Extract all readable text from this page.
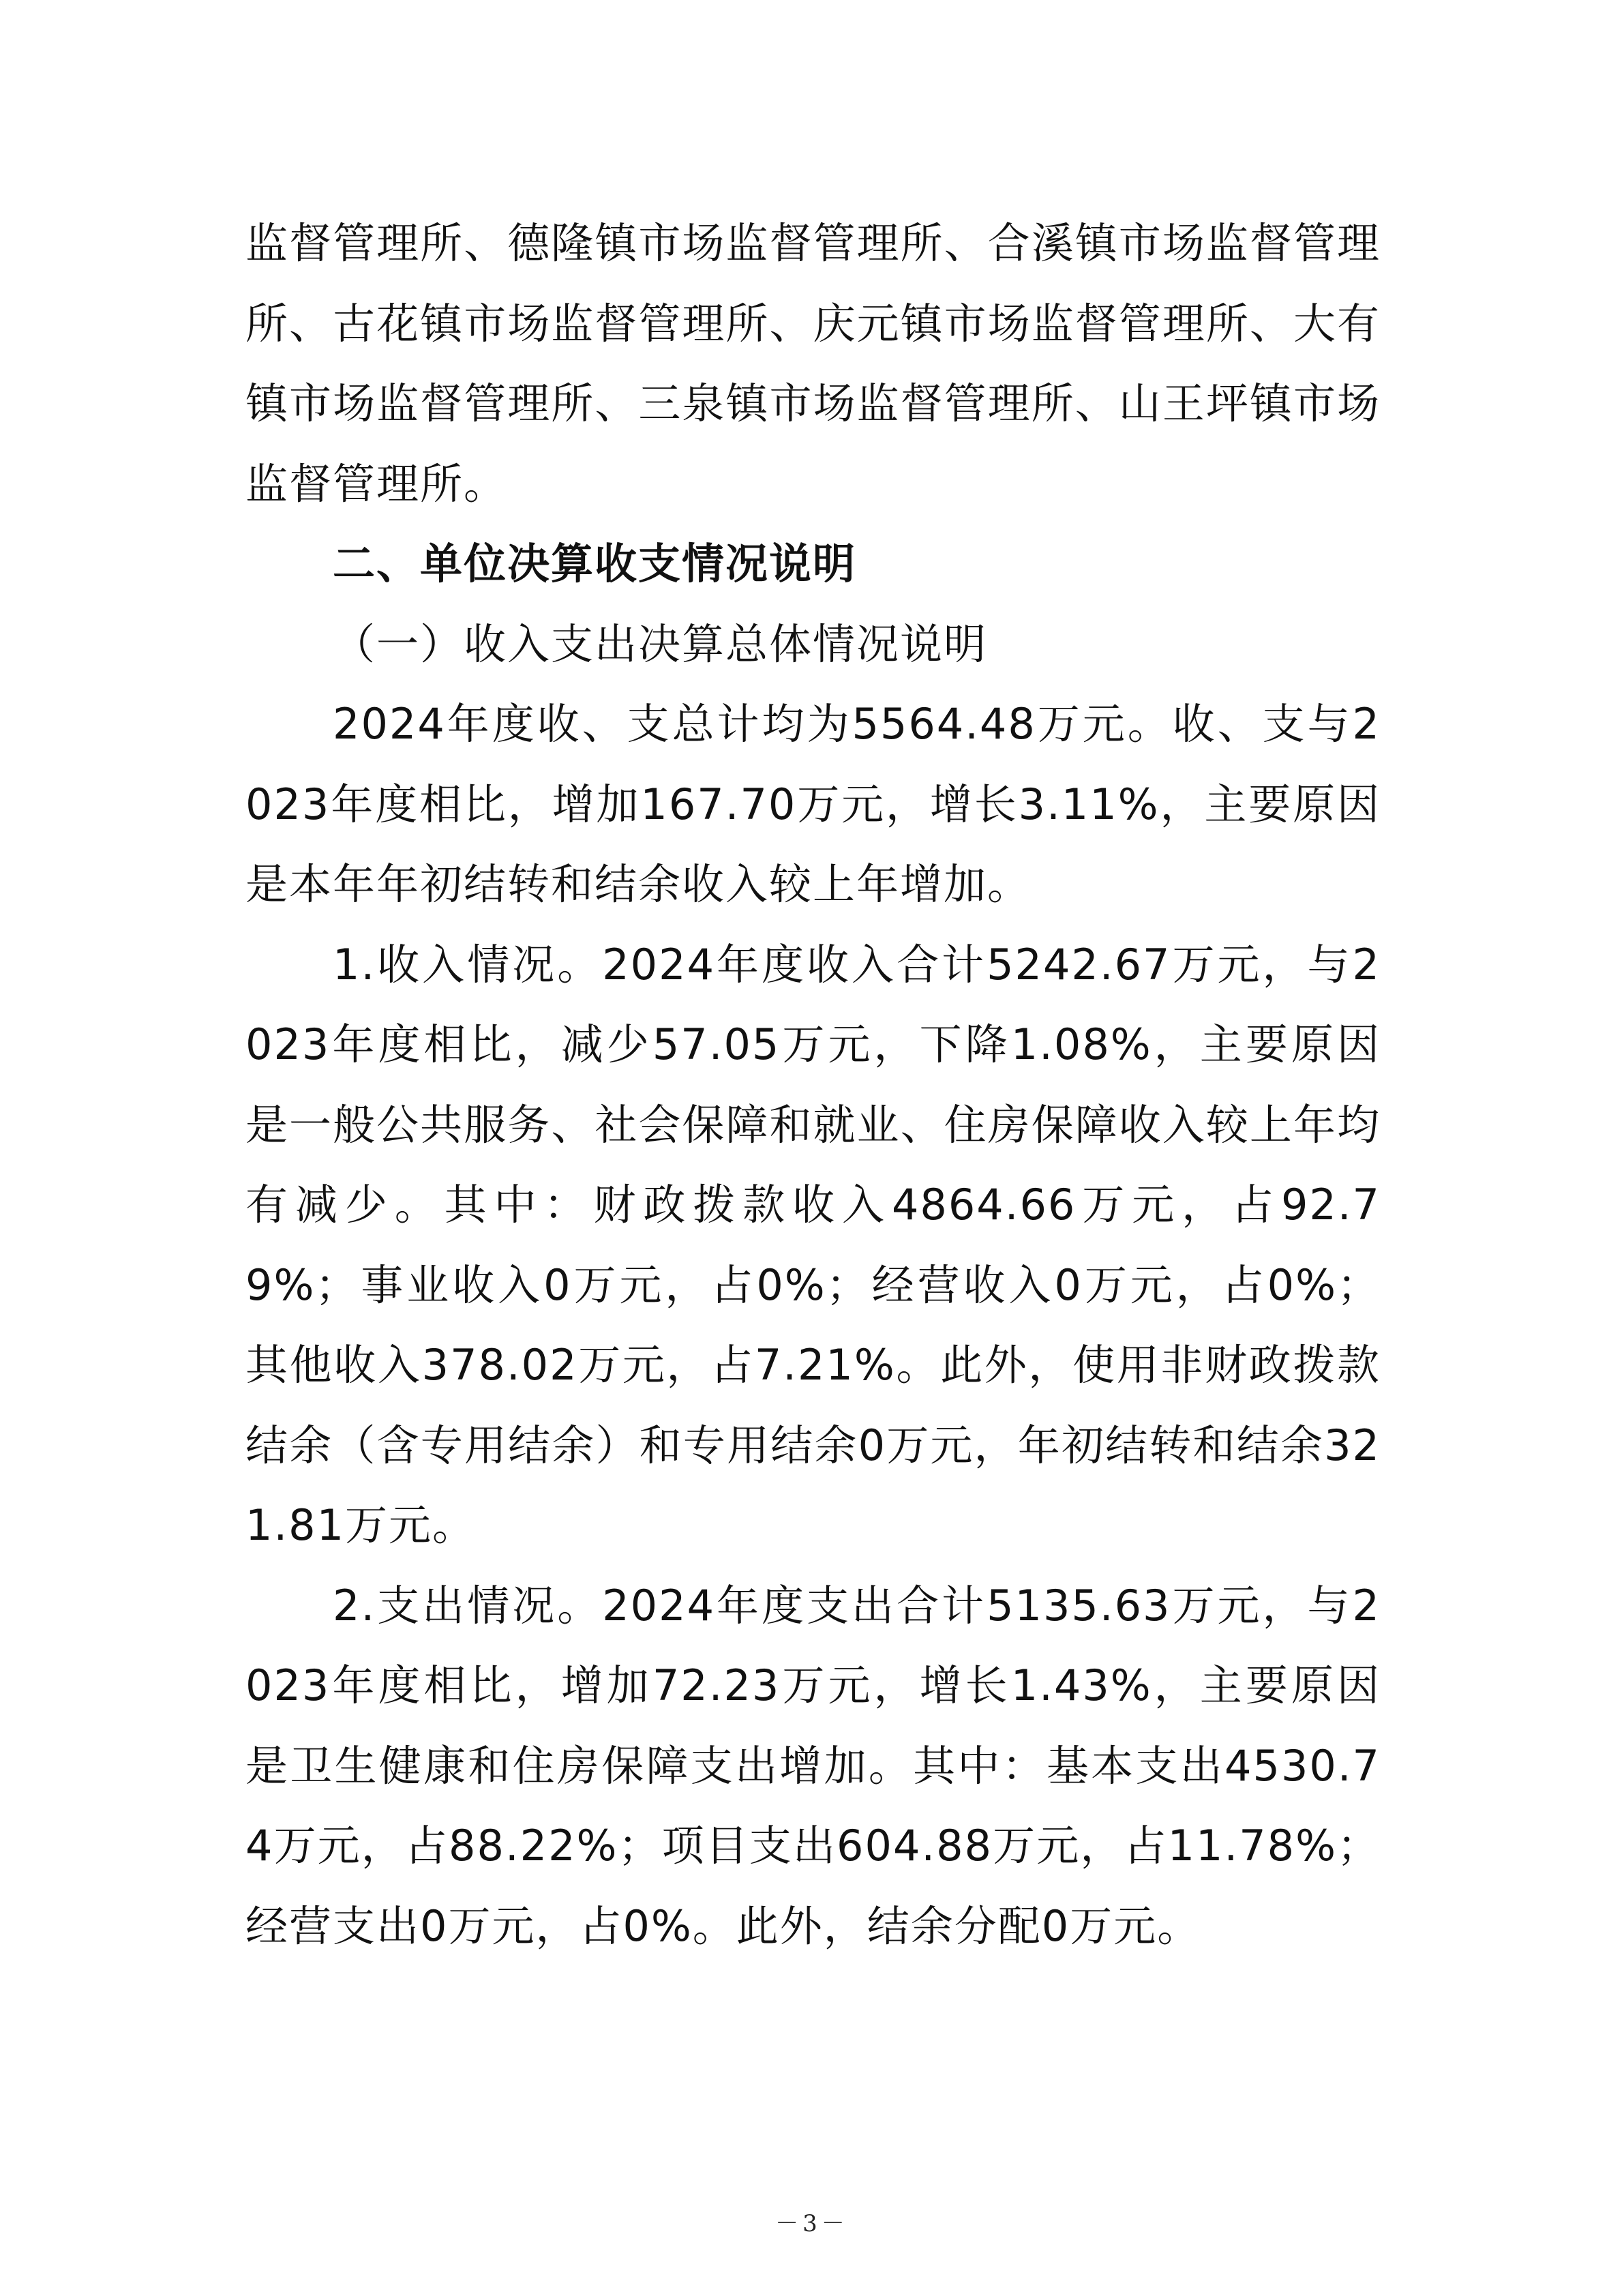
监督管理所、德隆镇市场监督管理所、合溪镇市场监督管理所、古花镇市场监督管理所、庆元镇市场监督管理所、大有镇市场监督管理所、三泉镇市场监督管理所、山王坪镇市场监督管理所。

二、单位决算收支情况说明

（一）收入支出决算总体情况说明

2024年度收、支总计均为5564.48万元。收、支与2023年度相比，增加167.70万元，增长3.11%，主要原因是本年年初结转和结余收入较上年增加。

1.收入情况。2024年度收入合计5242.67万元，与2023年度相比，减少57.05万元，下降1.08%，主要原因是一般公共服务、社会保障和就业、住房保障收入较上年均有减少。其中：财政拨款收入4864.66万元，占92.79%；事业收入0万元，占0%；经营收入0万元，占0%；其他收入378.02万元，占7.21%。此外，使用非财政拨款结余（含专用结余）和专用结余0万元，年初结转和结余321.81万元。

2.支出情况。2024年度支出合计5135.63万元，与2023年度相比，增加72.23万元，增长1.43%，主要原因是卫生健康和住房保障支出增加。其中：基本支出4530.74万元，占88.22%；项目支出604.88万元，占11.78%；经营支出0万元，占0%。此外，结余分配0万元。

－3－
